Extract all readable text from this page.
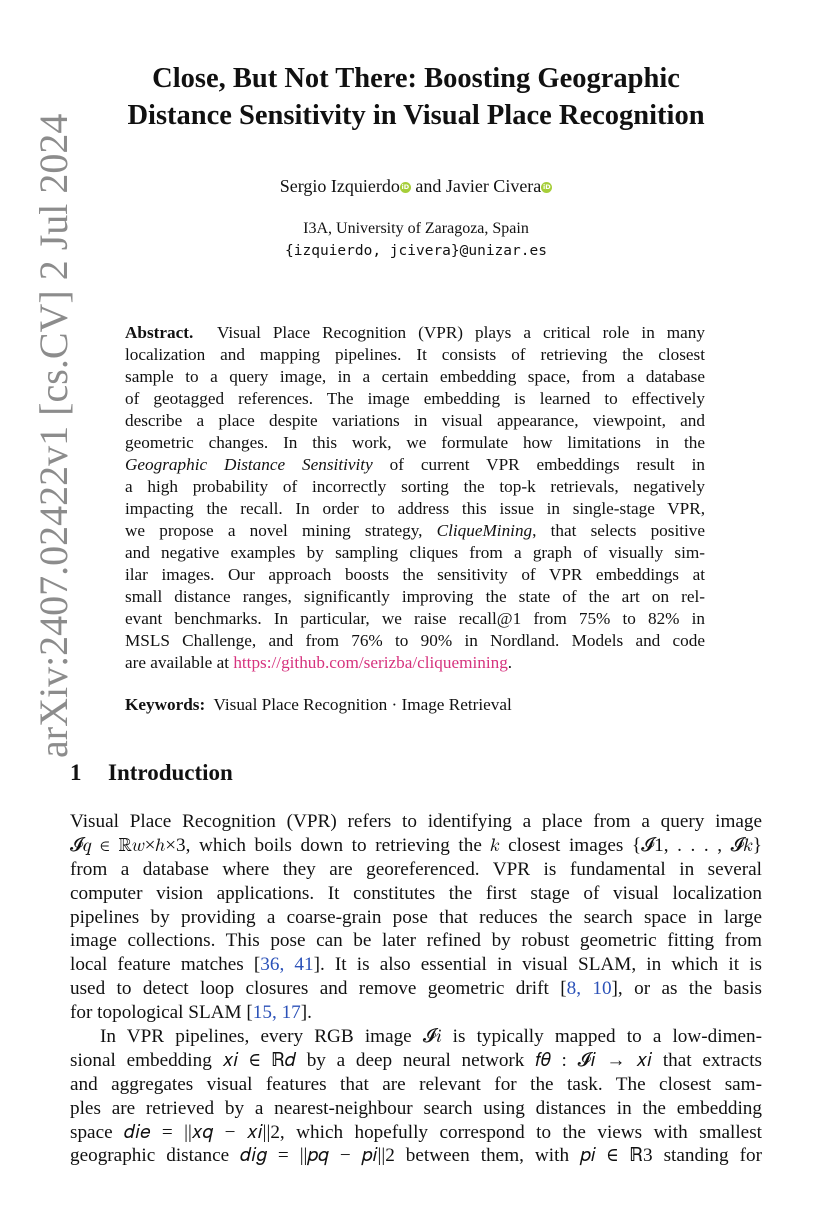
arXiv:2407.02422v1 [cs.CV] 2 Jul 2024
Close, But Not There: Boosting Geographic
Distance Sensitivity in Visual Place Recognition
Sergio Izquierdo iD and Javier Civera iD
I3A, University of Zaragoza, Spain
{izquierdo, jcivera}@unizar.es
Abstract. Visual Place Recognition (VPR) plays a critical role in many
localization and mapping pipelines. It consists of retrieving the closest
sample to a query image, in a certain embedding space, from a database
of geotagged references. The image embedding is learned to effectively
describe a place despite variations in visual appearance, viewpoint, and
geometric changes. In this work, we formulate how limitations in the
Geographic Distance Sensitivity of current VPR embeddings result in
a high probability of incorrectly sorting the top-k retrievals, negatively
impacting the recall. In order to address this issue in single-stage VPR,
we propose a novel mining strategy, CliqueMining, that selects positive
and negative examples by sampling cliques from a graph of visually sim-
ilar images. Our approach boosts the sensitivity of VPR embeddings at
small distance ranges, significantly improving the state of the art on rel-
evant benchmarks. In particular, we raise recall@1 from 75% to 82% in
MSLS Challenge, and from 76% to 90% in Nordland. Models and code
are available at https://github.com/serizba/cliquemining.
Keywords: Visual Place Recognition · Image Retrieval
1 Introduction
Visual Place Recognition (VPR) refers to identifying a place from a query image
𝓘𝑞 ∈ ℝ𝑤×ℎ×3, which boils down to retrieving the 𝑘 closest images {𝓘1, . . . , 𝓘𝑘}
from a database where they are georeferenced. VPR is fundamental in several
computer vision applications. It constitutes the first stage of visual localization
pipelines by providing a coarse-grain pose that reduces the search space in large
image collections. This pose can be later refined by robust geometric fitting from
local feature matches [36, 41]. It is also essential in visual SLAM, in which it is
used to detect loop closures and remove geometric drift [8, 10], or as the basis
for topological SLAM [15, 17].
In VPR pipelines, every RGB image 𝓘𝑖 is typically mapped to a low-dimen-
sional embedding 𝑥𝑖 ∈ ℝ𝑑 by a deep neural network 𝑓𝜃 : 𝓘𝑖 → 𝑥𝑖 that extracts
and aggregates visual features that are relevant for the task. The closest sam-
ples are retrieved by a nearest-neighbour search using distances in the embedding
space 𝑑𝑖𝑒 = ||𝑥𝑞 − 𝑥𝑖||2, which hopefully correspond to the views with smallest
geographic distance 𝑑𝑖𝑔 = ||𝑝𝑞 − 𝑝𝑖||2 between them, with 𝑝𝑖 ∈ ℝ3 standing for
